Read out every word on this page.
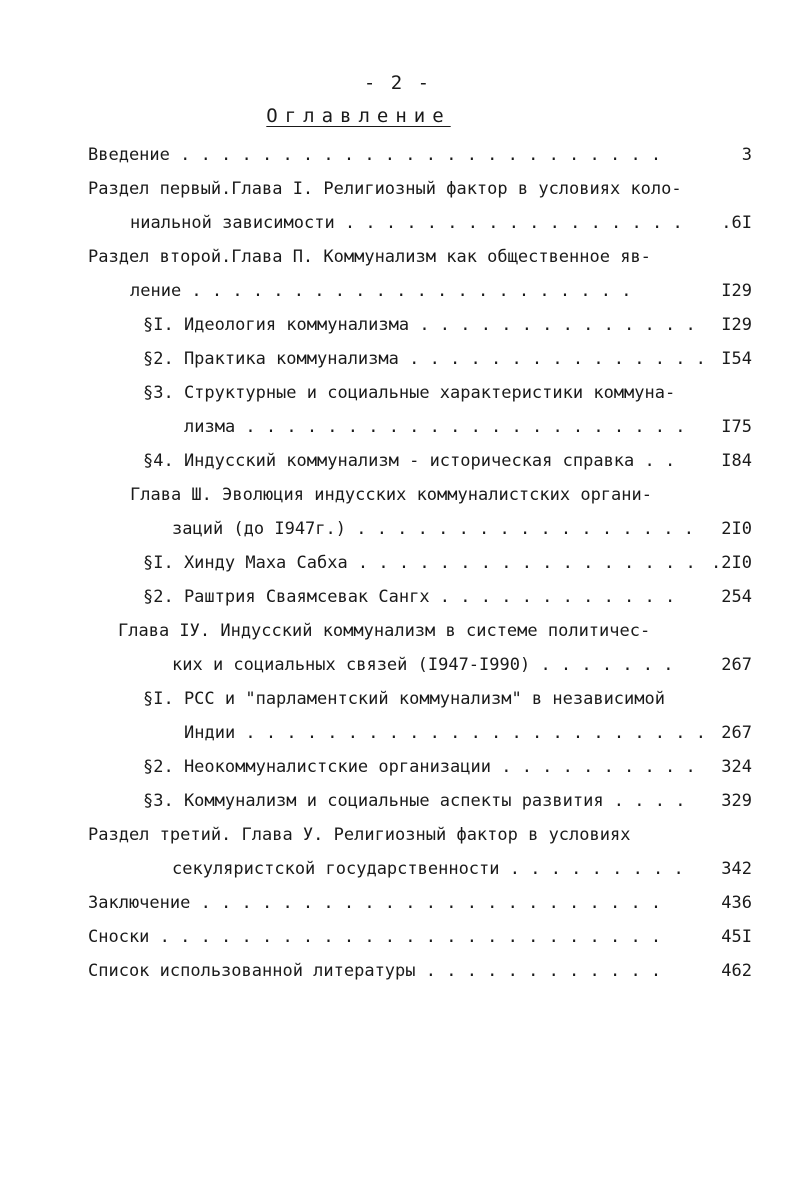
- 2 -
Оглавление
Введение . . . . . . . . . . . . . . . . . . . . . . . .	3
Раздел первый.Глава I. Религиозный фактор в условиях коло-
ниальной зависимости . . . . . . . . . . . . . . . . . .6I
Раздел второй.Глава П. Коммунализм как общественное яв-
ление . . . . . . . . . . . . . . . . . . . . . .	I29
§I. Идеология коммунализма . . . . . . . . . . . . . . I29
§2. Практика коммунализма . . . . . . . . . . . . . . . I54
§3. Структурные и социальные характеристики коммуна-
лизма . . . . . . . . . . . . . . . . . . . . . . I75
§4. Индусский коммунализм - историческая справка . .	I84
Глава Ш. Эволюция индусских коммуналистских органи-
заций (до I947г.) . . . . . . . . . . . . . . . . . 2I0
§I. Хинду Маха Сабха . . . . . . . . . . . . . . . . . .2I0
§2. Раштрия Сваямсевак Сангх . . . . . . . . . . . .	254
Глава IУ. Индусский коммунализм в системе политичес-
ких и социальных связей (I947-I990) . . . . . . .	267
§I. РСС и "парламентский коммунализм" в независимой
Индии . . . . . . . . . . . . . . . . . . . . . . . 267
§2. Неокоммуналистские организации . . . . . . . . . . 324
§3. Коммунализм и социальные аспекты развития . . . . 329
Раздел третий. Глава У. Религиозный фактор в условиях
секуляристской государственности . . . . . . . . . 342
Заключение . . . . . . . . . . . . . . . . . . . . . . .	436
Сноски . . . . . . . . . . . . . . . . . . . . . . . . .	45I
Список использованной литературы . . . . . . . . . . . .	462
